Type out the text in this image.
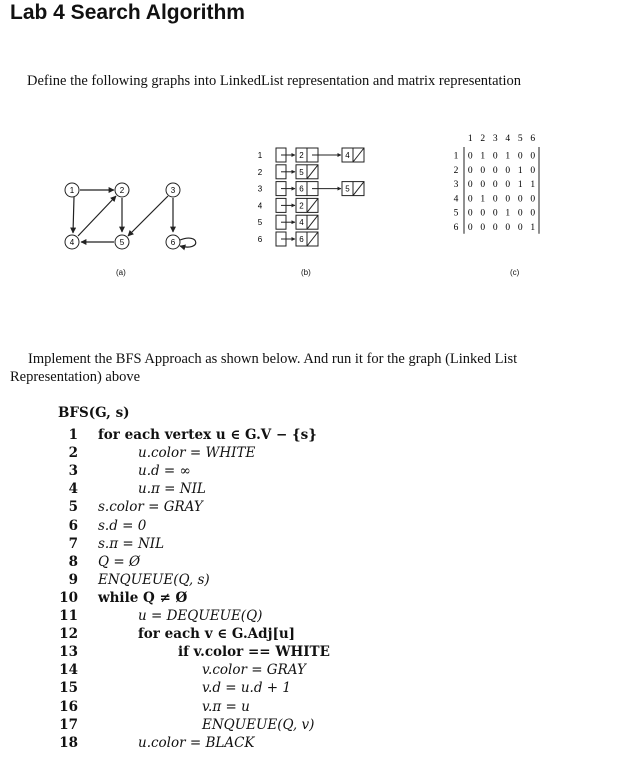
Lab 4 Search Algorithm
Define the following graphs into LinkedList representation and matrix representation
1	2	3
4	5	6
(a)
1	2	4
2	5
3	6	5
4	2
5	4
6	6
(b)
1 2 3 4 5 6
1 0 1 0 1 0 0
2 0 0 0 0 1 0
3 0 0 0 0 1 1
4 0 1 0 0 0 0
5 0 0 0 1 0 0
6 0 0 0 0 0 1
(c)
Implement the BFS Approach as shown below. And run it for the graph (Linked List Representation) above
BFS(G, s)
1 for each vertex u ∈ G.V − {s}
2	u.color = WHITE
3	u.d = ∞
4	u.π = NIL
5 s.color = GRAY
6 s.d = 0
7 s.π = NIL
8 Q = Ø
9 ENQUEUE(Q, s)
10 while Q ≠ Ø
11	u = DEQUEUE(Q)
12	for each v ∈ G.Adj[u]
13	if v.color == WHITE
14	v.color = GRAY
15	v.d = u.d + 1
16	v.π = u
17	ENQUEUE(Q, v)
18	u.color = BLACK
